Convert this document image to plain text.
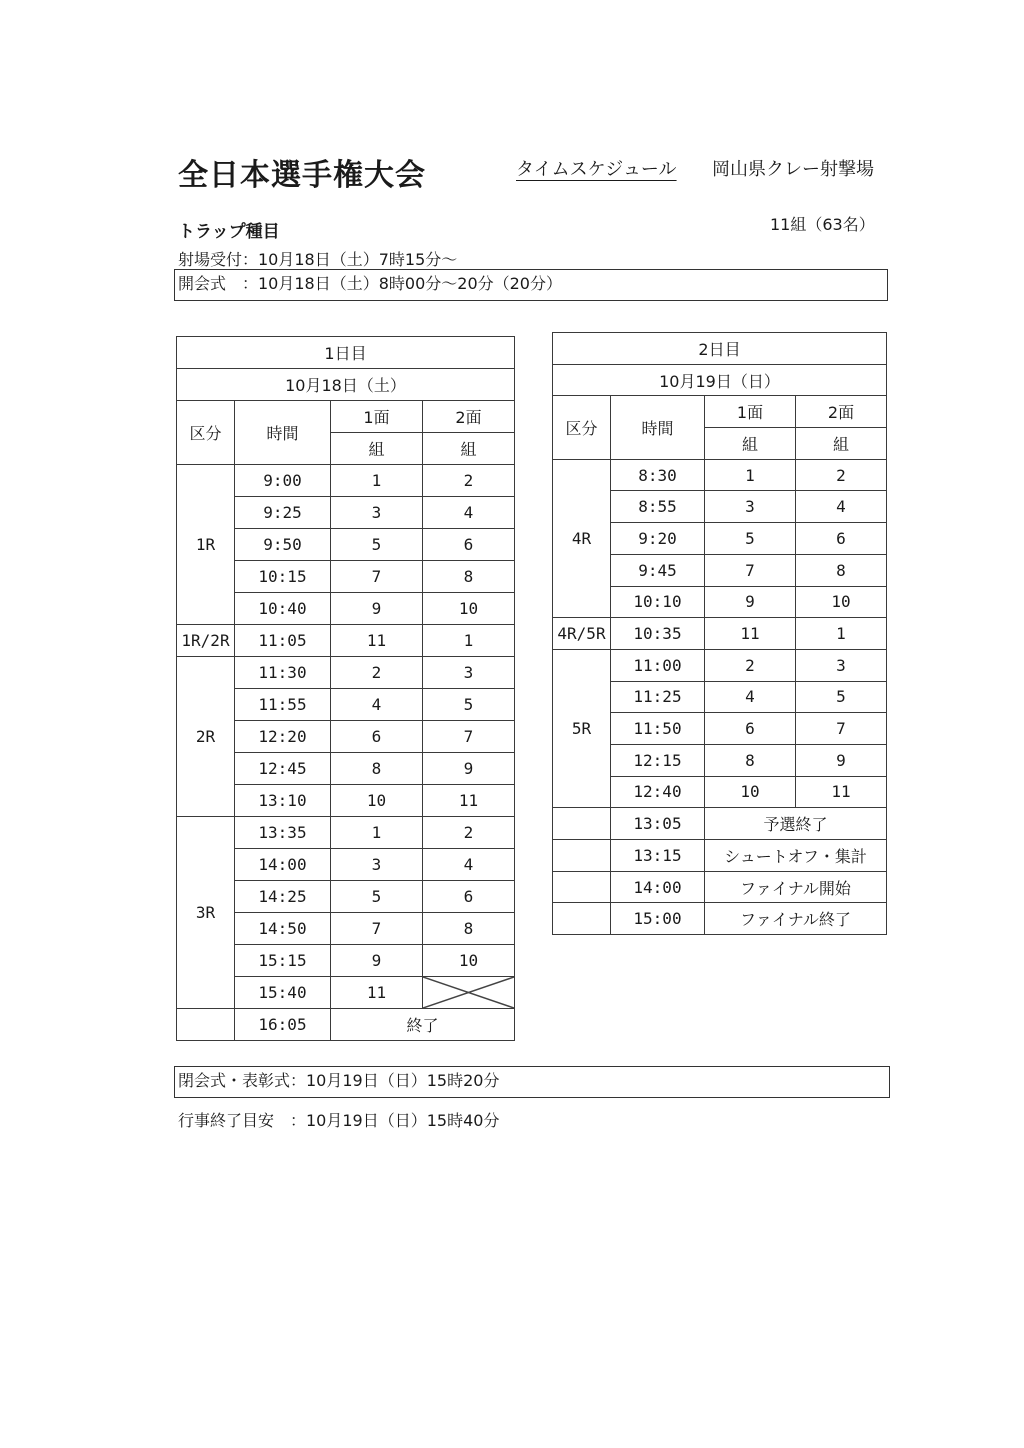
全日本選手権大会	タイムスケジュール 岡山県クレー射撃場
トラップ種目	11組（63名）
射場受付：10月18日（土）7時15分～
開会式　：10月18日（土）8時00分～20分（20分）
1日目			
10月18日（土）			
区分	時間	1面	2面
		組	組
1R	9:00	1	2
	9:25	3	4
	9:50	5	6
	10:15	7	8
	10:40	9	10
1R/2R	11:05	11	1
2R	11:30	2	3
	11:55	4	5
	12:20	6	7
	12:45	8	9
	13:10	10	11
3R	13:35	1	2
	14:00	3	4
	14:25	5	6
	14:50	7	8
	15:15	9	10
	15:40	11	

	16:05	終了	
2日目			
10月19日（日）			
区分	時間	1面	2面
		組	組
4R	8:30	1	2
	8:55	3	4
	9:20	5	6
	9:45	7	8
	10:10	9	10
4R/5R	10:35	11	1
5R	11:00	2	3
	11:25	4	5
	11:50	6	7
	12:15	8	9
	12:40	10	11
	13:05	予選終了	
	13:15	シュートオフ・集計	
	14:00	ファイナル開始	
	15:00	ファイナル終了	
閉会式・表彰式：10月19日（日）15時20分
行事終了目安　：10月19日（日）15時40分
